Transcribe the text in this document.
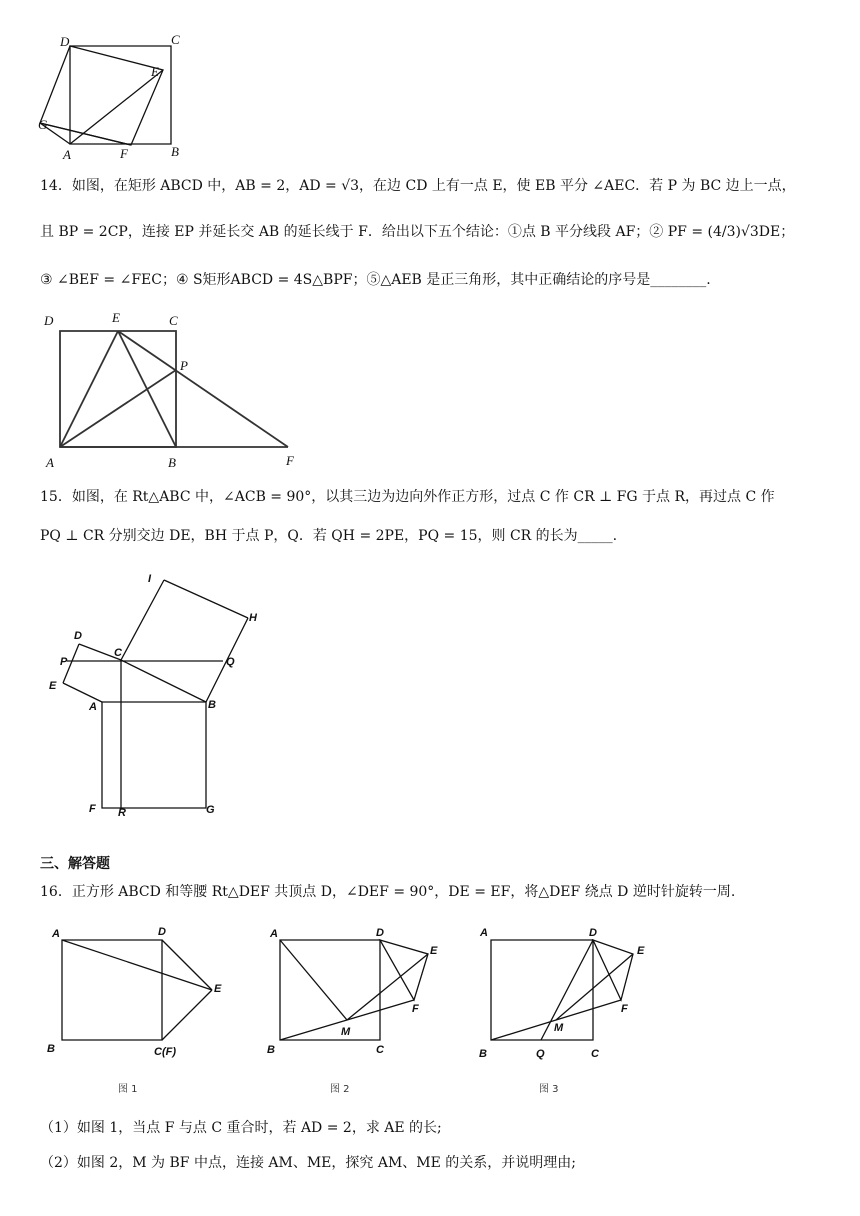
D	C
E
G
A	F	B
14．如图，在矩形 ABCD 中，AB = 2，AD = √3，在边 CD 上有一点 E，使 EB 平分 ∠AEC．若 P 为 BC 边上一点，
且 BP = 2CP，连接 EP 并延长交 AB 的延长线于 F．给出以下五个结论：①点 B 平分线段 AF；② PF = (4/3)√3DE；
③ ∠BEF = ∠FEC；④ S矩形ABCD = 4S△BPF；⑤△AEB 是正三角形，其中正确结论的序号是________.
D	E	C
P
A	B	F
15．如图，在 Rt△ABC 中，∠ACB = 90°，以其三边为边向外作正方形，过点 C 作 CR ⊥ FG 于点 R，再过点 C 作
PQ ⊥ CR 分别交边 DE，BH 于点 P，Q．若 QH = 2PE，PQ = 15，则 CR 的长为_____.
I
H
D
C
P	Q
E
A	B
F R	G
三、解答题
16．正方形 ABCD 和等腰 Rt△DEF 共顶点 D，∠DEF = 90°，DE = EF，将△DEF 绕点 D 逆时针旋转一周.
A	D
E
B	C(F)
图 1
A	D
E
F
M
B	C
图 2
A	D
E
F
M
B	Q	C
图 3
（1）如图 1，当点 F 与点 C 重合时，若 AD = 2，求 AE 的长;
（2）如图 2，M 为 BF 中点，连接 AM、ME，探究 AM、ME 的关系，并说明理由;
